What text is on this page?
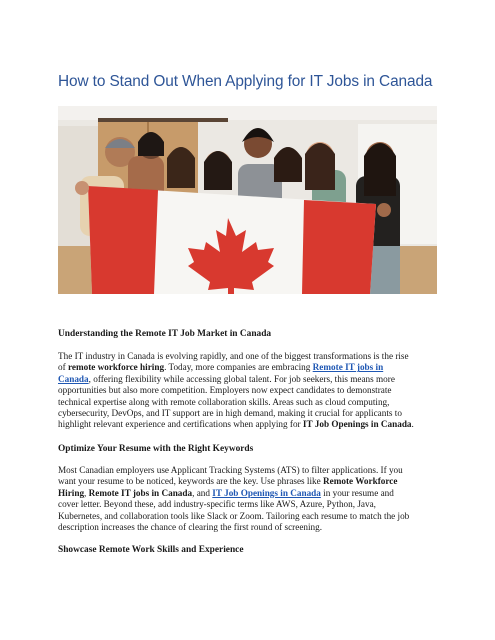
How to Stand Out When Applying for IT Jobs in Canada
Understanding the Remote IT Job Market in Canada

The IT industry in Canada is evolving rapidly, and one of the biggest transformations is the rise
of remote workforce hiring. Today, more companies are embracing Remote IT jobs in
Canada, offering flexibility while accessing global talent. For job seekers, this means more
opportunities but also more competition. Employers now expect candidates to demonstrate
technical expertise along with remote collaboration skills. Areas such as cloud computing,
cybersecurity, DevOps, and IT support are in high demand, making it crucial for applicants to
highlight relevant experience and certifications when applying for IT Job Openings in Canada.

Optimize Your Resume with the Right Keywords

Most Canadian employers use Applicant Tracking Systems (ATS) to filter applications. If you
want your resume to be noticed, keywords are the key. Use phrases like Remote Workforce
Hiring, Remote IT jobs in Canada, and IT Job Openings in Canada in your resume and
cover letter. Beyond these, add industry-specific terms like AWS, Azure, Python, Java,
Kubernetes, and collaboration tools like Slack or Zoom. Tailoring each resume to match the job
description increases the chance of clearing the first round of screening.

Showcase Remote Work Skills and Experience
